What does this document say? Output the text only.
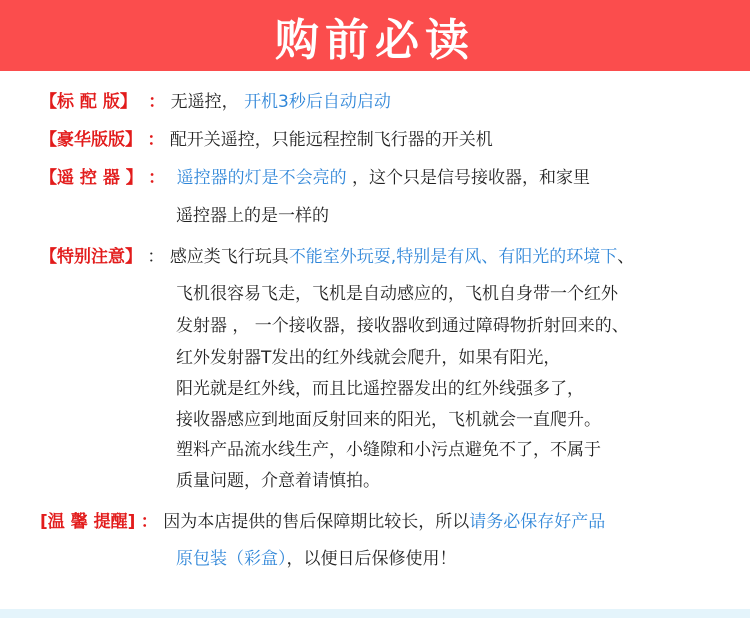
购前必读
【标 配 版】 ： 无遥控， 开机3秒后自动启动
【豪华版版】 ： 配开关遥控，只能远程控制飞行器的开关机
【遥 控 器 】 ： 遥控器的灯是不会亮的 ，这个只是信号接收器，和家里
遥控器上的是一样的
【特别注意】 ： 感应类飞行玩具不能室外玩耍,特别是有风、有阳光的环境下、
飞机很容易飞走，飞机是自动感应的，飞机自身带一个红外
发射器 ， 一个接收器，接收器收到通过障碍物折射回来的、
红外发射器T发出的红外线就会爬升，如果有阳光，
阳光就是红外线，而且比遥控器发出的红外线强多了，
接收器感应到地面反射回来的阳光，飞机就会一直爬升。
塑料产品流水线生产，小缝隙和小污点避免不了，不属于
质量问题，介意着请慎拍。
[温 馨 提醒] ： 因为本店提供的售后保障期比较长，所以请务必保存好产品
原包装（彩盒），以便日后保修使用！
